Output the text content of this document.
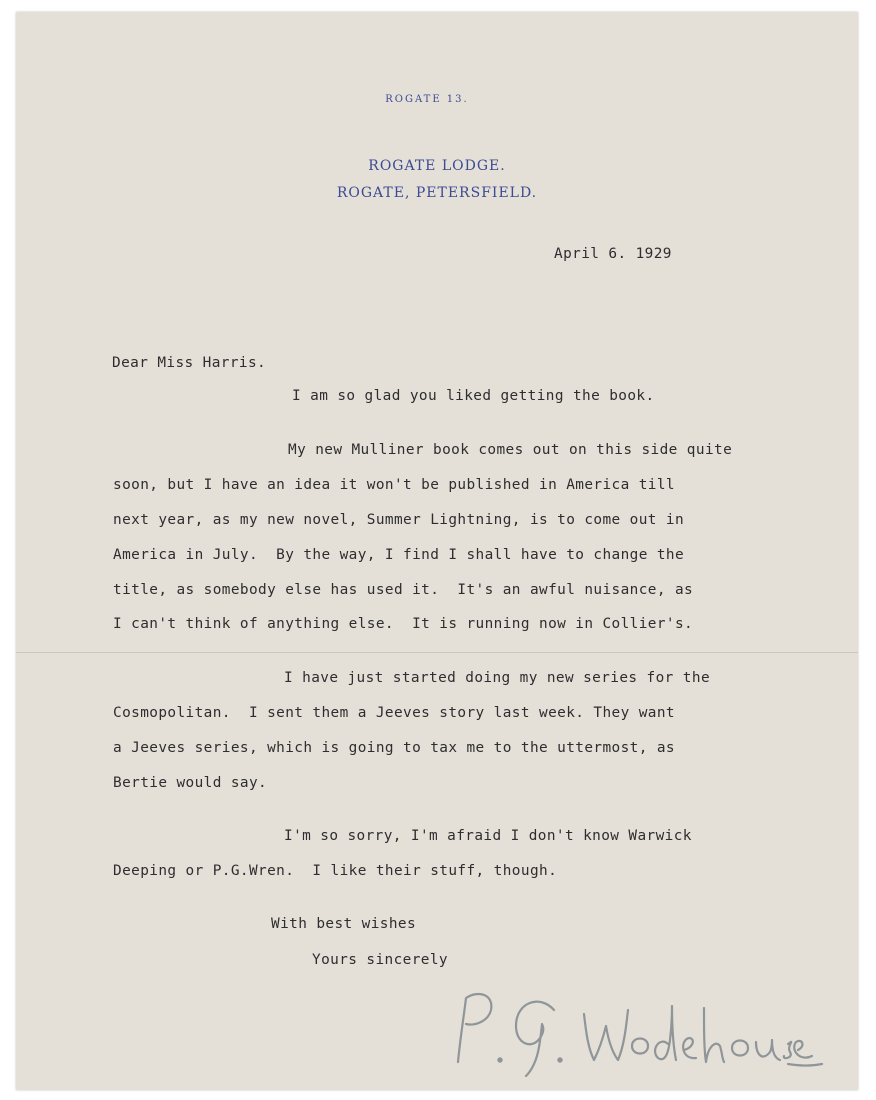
ROGATE 13.
ROGATE LODGE.
ROGATE, PETERSFIELD.
April 6. 1929
Dear Miss Harris.
I am so glad you liked getting the book.
My new Mulliner book comes out on this side quite
soon, but I have an idea it won't be published in America till
next year, as my new novel, Summer Lightning, is to come out in
America in July.  By the way, I find I shall have to change the
title, as somebody else has used it.  It's an awful nuisance, as
I can't think of anything else.  It is running now in Collier's.
I have just started doing my new series for the
Cosmopolitan.  I sent them a Jeeves story last week. They want
a Jeeves series, which is going to tax me to the uttermost, as
Bertie would say.
I'm so sorry, I'm afraid I don't know Warwick
Deeping or P.G.Wren.  I like their stuff, though.
With best wishes
Yours sincerely
